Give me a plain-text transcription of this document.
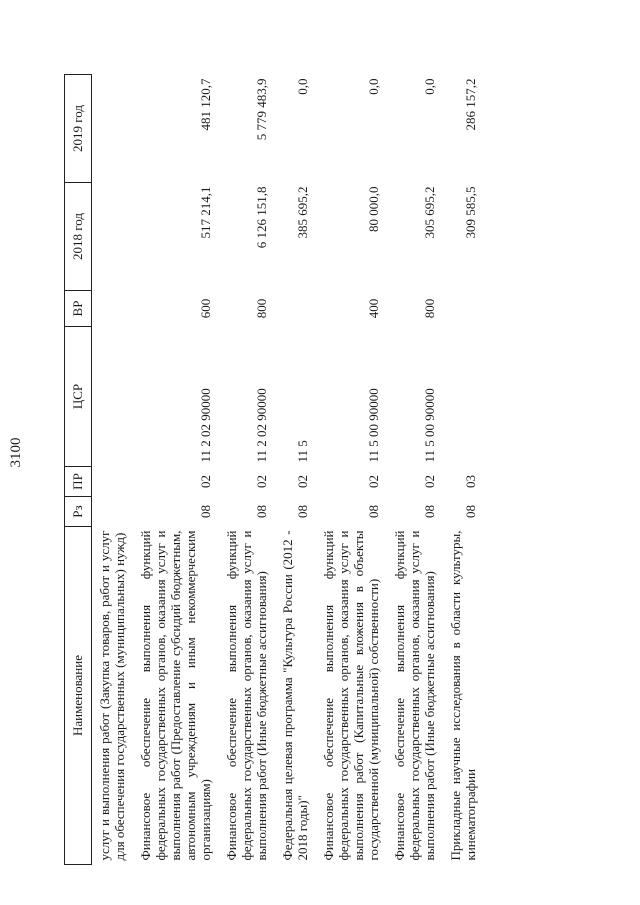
3100
Наименование	Рз	ПР	ЦСР	ВР	2018 год	2019 год
услуг и выполнения работ (Закупка товаров, работ и услуг для обеспечения государственных (муниципальных) нужд)						
Финансовое обеспечение выполнения функций федеральных государственных органов, оказания услуг и выполнения работ (Предоставление субсидий бюджетным, автономным учреждениям и иным некоммерческим организациям)	08	02	11 2 02 90000	600	517 214,1	481 120,7
Финансовое обеспечение выполнения функций федеральных государственных органов, оказания услуг и выполнения работ (Иные бюджетные ассигнования)	08	02	11 2 02 90000	800	6 126 151,8	5 779 483,9
Федеральная целевая программа "Культура России (2012 - 2018 годы)"	08	02	11 5		385 695,2	0,0
Финансовое обеспечение выполнения функций федеральных государственных органов, оказания услуг и выполнения работ (Капитальные вложения в объекты государственной (муниципальной) собственности)	08	02	11 5 00 90000	400	80 000,0	0,0
Финансовое обеспечение выполнения функций федеральных государственных органов, оказания услуг и выполнения работ (Иные бюджетные ассигнования)	08	02	11 5 00 90000	800	305 695,2	0,0
Прикладные научные исследования в области культуры, кинематографии	08	03			309 585,5	286 157,2
